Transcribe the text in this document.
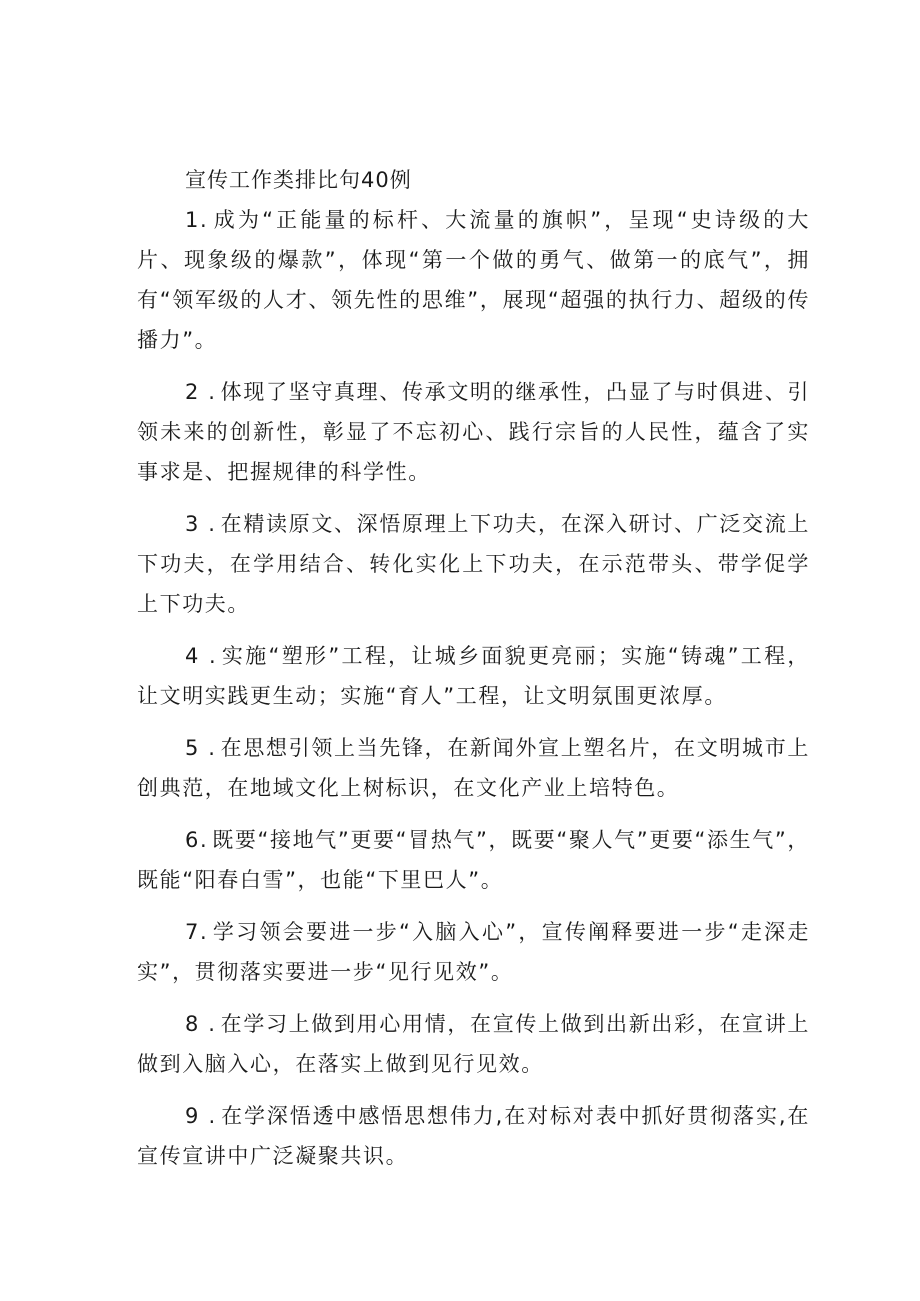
宣传工作类排比句40例
1. 成为“正能量的标杆、大流量的旗帜”，呈现“史诗级的大片、现象级的爆款”，体现“第一个做的勇气、做第一的底气”，拥有“领军级的人才、领先性的思维”，展现“超强的执行力、超级的传播力”。
2 . 体现了坚守真理、传承文明的继承性，凸显了与时俱进、引领未来的创新性，彰显了不忘初心、践行宗旨的人民性，蕴含了实事求是、把握规律的科学性。
3 . 在精读原文、深悟原理上下功夫，在深入研讨、广泛交流上下功夫，在学用结合、转化实化上下功夫，在示范带头、带学促学上下功夫。
4 . 实施“塑形”工程，让城乡面貌更亮丽；实施“铸魂”工程，让文明实践更生动；实施“育人”工程，让文明氛围更浓厚。
5 . 在思想引领上当先锋，在新闻外宣上塑名片，在文明城市上创典范，在地域文化上树标识，在文化产业上培特色。
6. 既要“接地气”更要“冒热气”，既要“聚人气”更要“添生气”，既能“阳春白雪”，也能“下里巴人”。
7. 学习领会要进一步“入脑入心”，宣传阐释要进一步“走深走实”，贯彻落实要进一步“见行见效”。
8 . 在学习上做到用心用情，在宣传上做到出新出彩，在宣讲上做到入脑入心，在落实上做到见行见效。
9 . 在学深悟透中感悟思想伟力,在对标对表中抓好贯彻落实,在宣传宣讲中广泛凝聚共识。
